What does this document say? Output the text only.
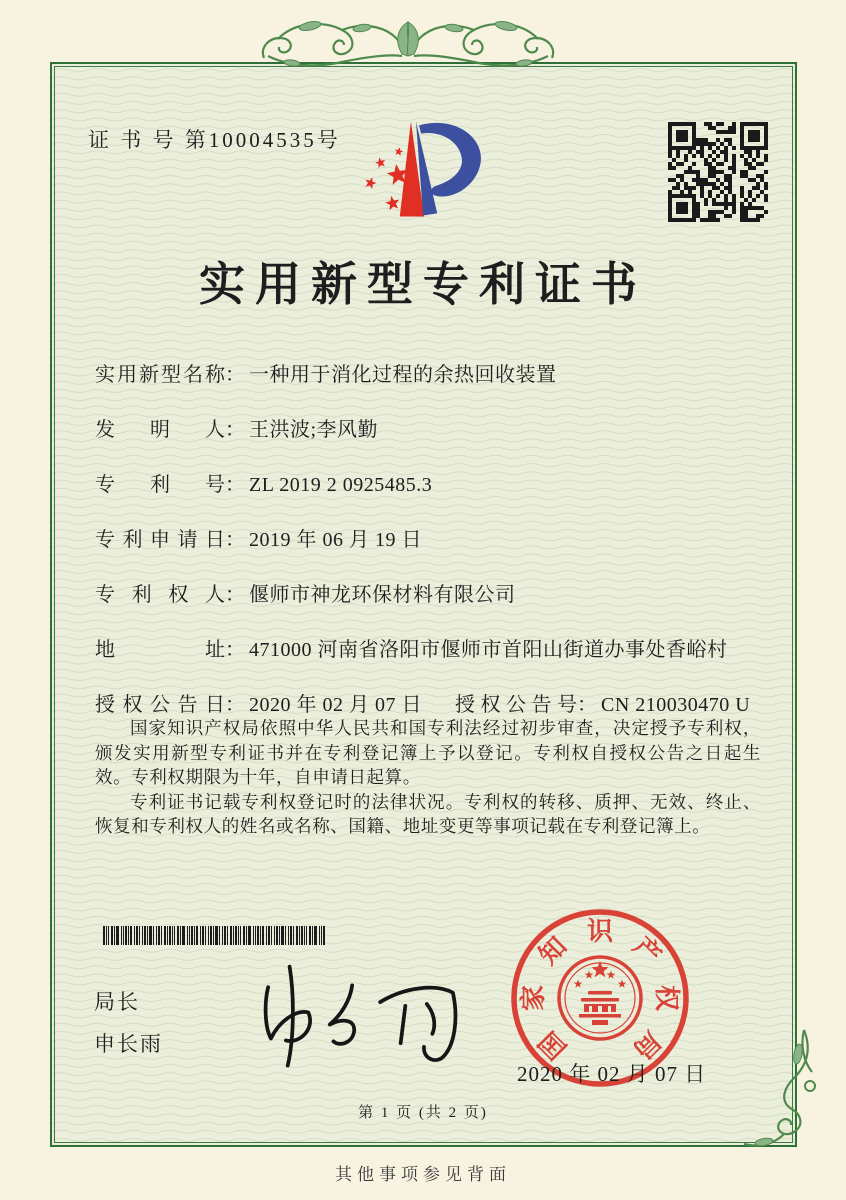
证 书 号 第10004535号
实用新型专利证书
实用新型名称： 一种用于消化过程的余热回收装置
发明人： 王洪波;李风勤
专利号： ZL 2019 2 0925485.3
专利申请日： 2019 年 06 月 19 日
专利权人： 偃师市神龙环保材料有限公司
地址： 471000 河南省洛阳市偃师市首阳山街道办事处香峪村
授权公告日： 2020 年 02 月 07 日 授权公告号： CN 210030470 U

国家知识产权局依照中华人民共和国专利法经过初步审查，决定授予专利权，颁发实用新型专利证书并在专利登记簿上予以登记。专利权自授权公告之日起生效。专利权期限为十年，自申请日起算。

专利证书记载专利权登记时的法律状况。专利权的转移、质押、无效、终止、恢复和专利权人的姓名或名称、国籍、地址变更等事项记载在专利登记簿上。

局长
申长雨	国
家
知
识
产
权
局
2020 年 02 月 07 日
第 1 页 (共 2 页)
其他事项参见背面
